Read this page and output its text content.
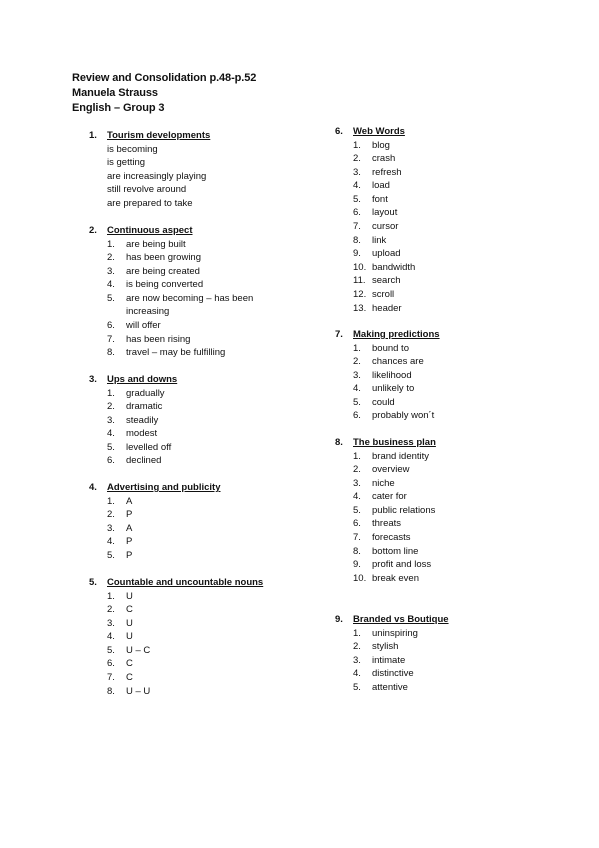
Review and Consolidation p.48-p.52
Manuela Strauss
English – Group 3
1. Tourism developments
is becoming
is getting
are increasingly playing
still revolve around
are prepared to take
2. Continuous aspect
1. are being built
2. has been growing
3. are being created
4. is being converted
5. are now becoming – has been increasing
6. will offer
7. has been rising
8. travel – may be fulfilling
3. Ups and downs
1. gradually
2. dramatic
3. steadily
4. modest
5. levelled off
6. declined
4. Advertising and publicity
1. A
2. P
3. A
4. P
5. P
5. Countable and uncountable nouns
1. U
2. C
3. U
4. U
5. U – C
6. C
7. C
8. U – U
6. Web Words
1. blog
2. crash
3. refresh
4. load
5. font
6. layout
7. cursor
8. link
9. upload
10. bandwidth
11. search
12. scroll
13. header
7. Making predictions
1. bound to
2. chances are
3. likelihood
4. unlikely to
5. could
6. probably won´t
8. The business plan
1. brand identity
2. overview
3. niche
4. cater for
5. public relations
6. threats
7. forecasts
8. bottom line
9. profit and loss
10. break even
9. Branded vs Boutique
1. uninspiring
2. stylish
3. intimate
4. distinctive
5. attentive
